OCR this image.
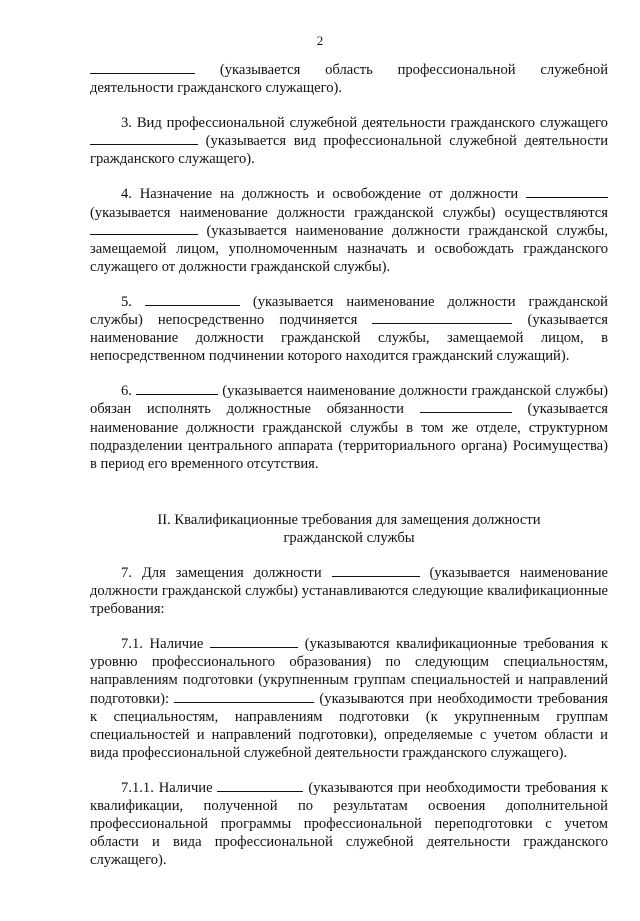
2

(указывается область профессиональной служебной деятельности гражданского служащего).

3. Вид профессиональной служебной деятельности гражданского служащего  (указывается вид профессиональной служебной деятельности гражданского служащего).

4. Назначение на должность и освобождение от должности  (указывается наименование должности гражданской службы) осуществляются  (указывается наименование должности гражданской службы, замещаемой лицом, уполномоченным назначать и освобождать гражданского служащего от должности гражданской службы).

5.	(указывается наименование должности гражданской службы) непосредственно подчиняется	(указывается наименование должности гражданской службы, замещаемой лицом, в непосредственном подчинении которого находится гражданский служащий).

6.	(указывается наименование должности гражданской службы) обязан исполнять должностные обязанности	(указывается наименование должности гражданской службы в том же отделе, структурном подразделении центрального аппарата (территориального органа) Росимущества) в период его временного отсутствия.

II. Квалификационные требования для замещения должности гражданской службы

7. Для замещения должности	(указывается наименование должности гражданской службы) устанавливаются следующие квалификационные требования:

7.1. Наличие	(указываются квалификационные требования к уровню профессионального образования) по следующим специальностям, направлениям подготовки (укрупненным группам специальностей и направлений подготовки):	(указываются при необходимости требования к специальностям, направлениям подготовки (к укрупненным группам специальностей и направлений подготовки), определяемые с учетом области и вида профессиональной служебной деятельности гражданского служащего).

7.1.1. Наличие	(указываются при необходимости требования к квалификации, полученной по результатам освоения дополнительной профессиональной программы профессиональной переподготовки с учетом области и вида профессиональной служебной деятельности гражданского служащего).
